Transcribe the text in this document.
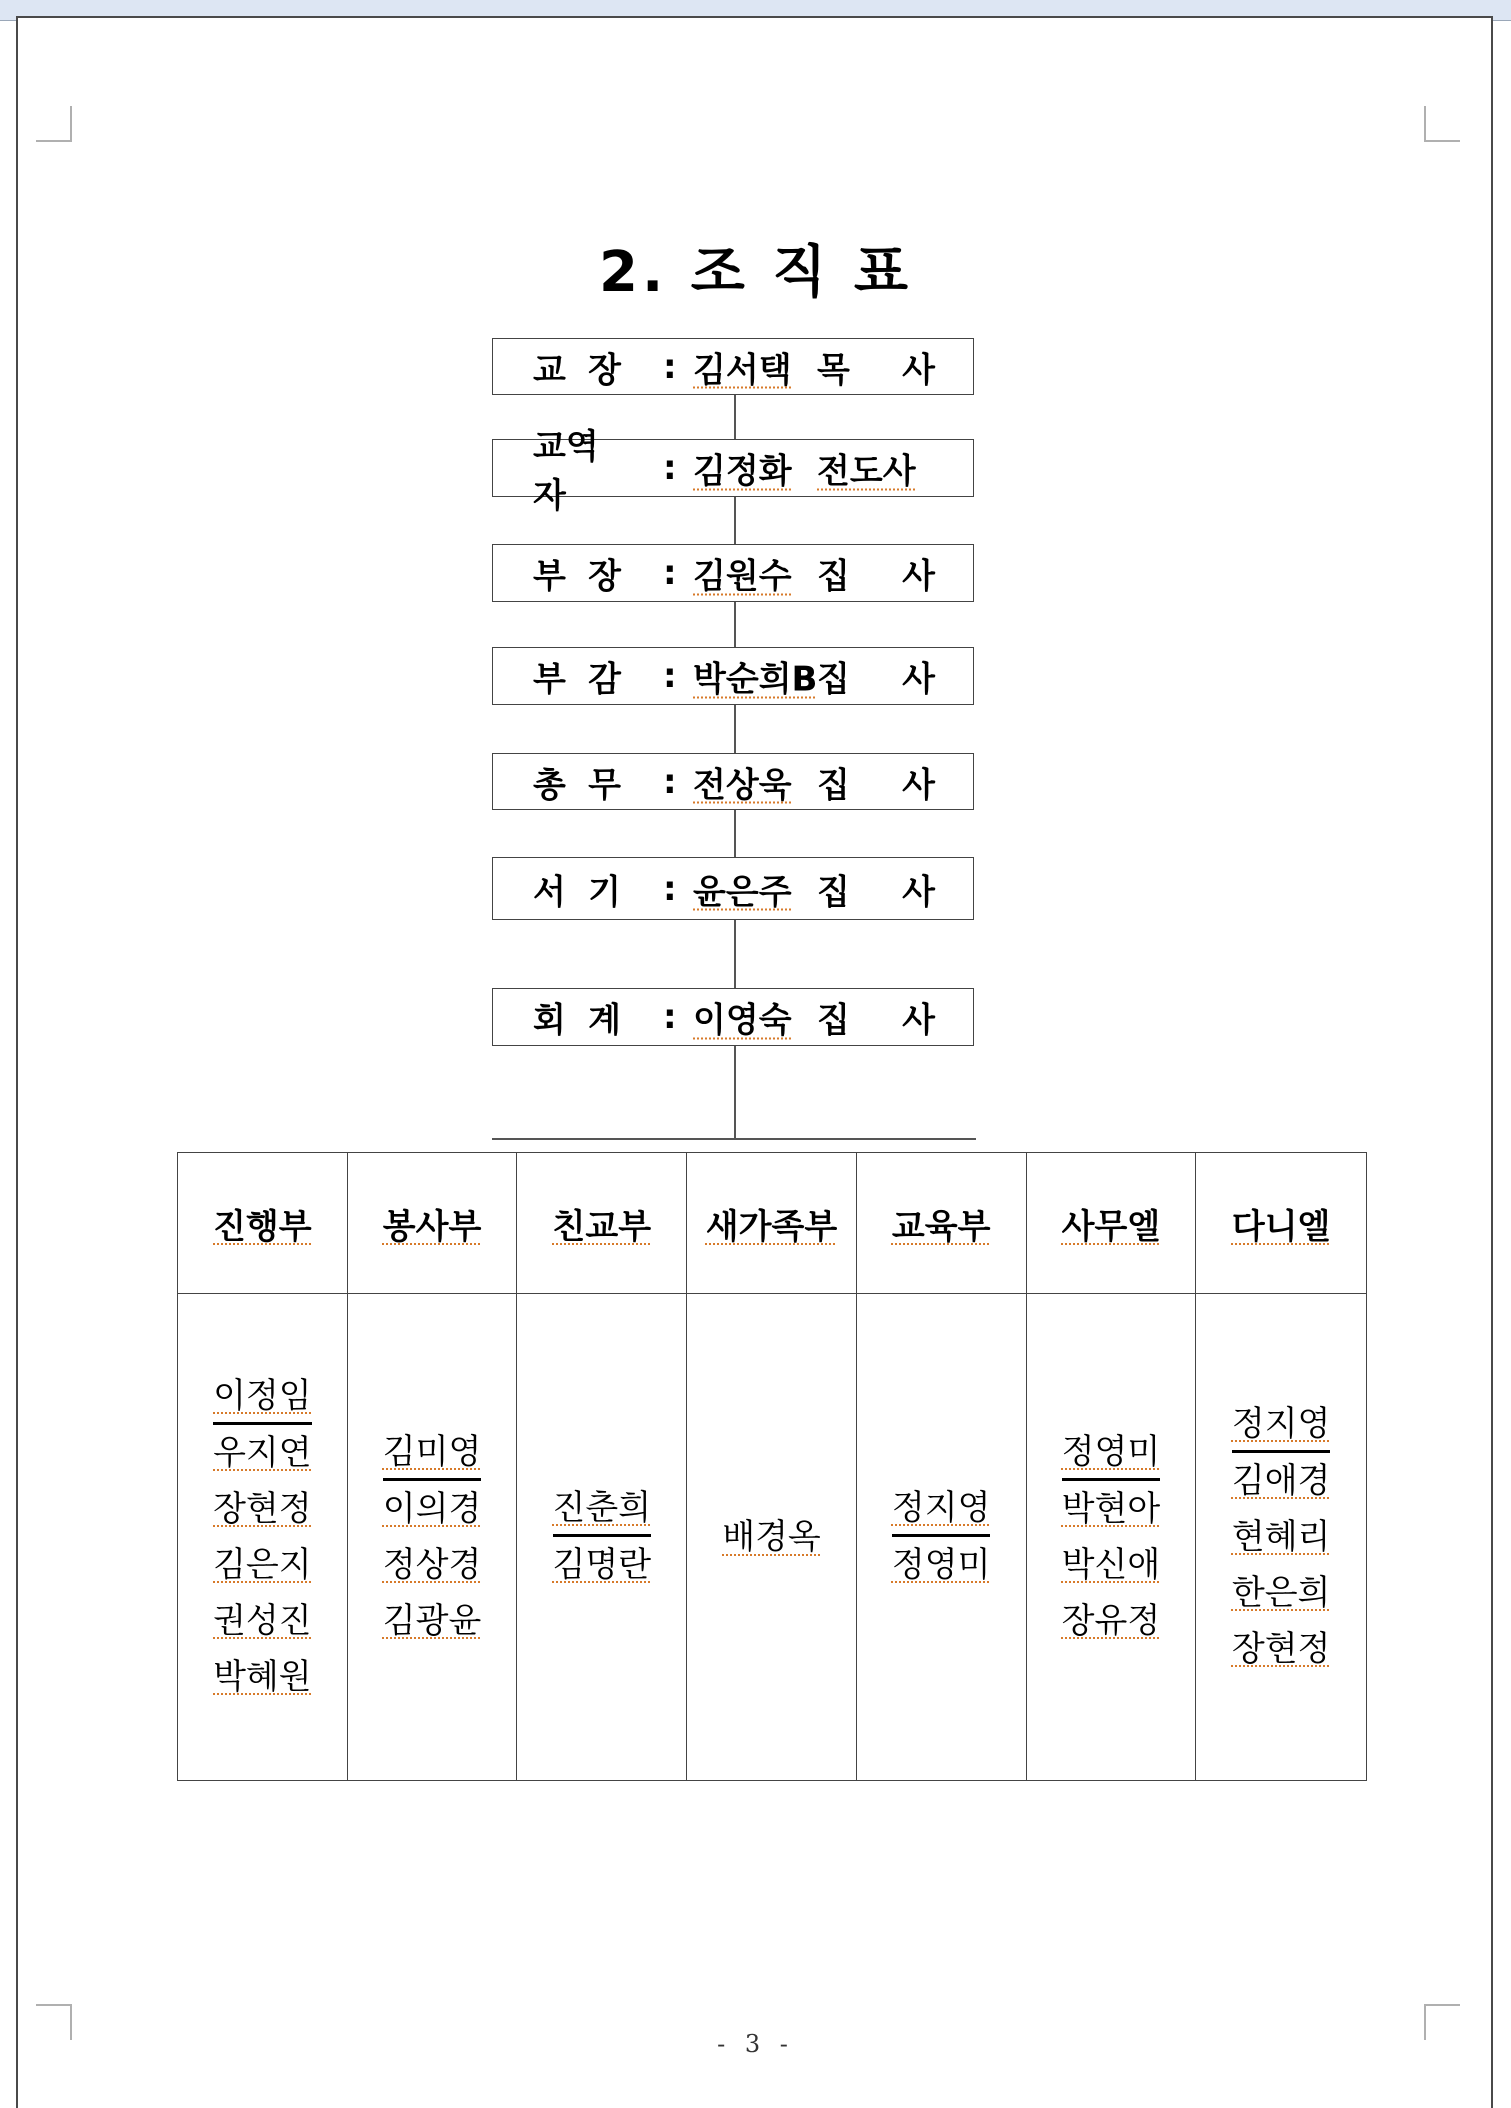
2. 조 직 표
교 장 : 김서택 목 사
교역자
: 김정화 전도사
부 장 : 김원수 집 사
부 감 : 박순희B 집 사
총 무 : 전상욱 집 사
서 기 : 윤은주 집 사
회 계 : 이영숙 집 사
진행부 봉사부 친교부 새가족부 교육부 사무엘 다니엘
이정임
우지연
장현정
김은지
권성진
박혜원
김미영
이의경
정상경
김광윤
진춘희
김명란
배경옥
정지영
정영미
정영미
박현아
박신애
장유정
정지영
김애경
현혜리
한은희
장현정
- 3 -
